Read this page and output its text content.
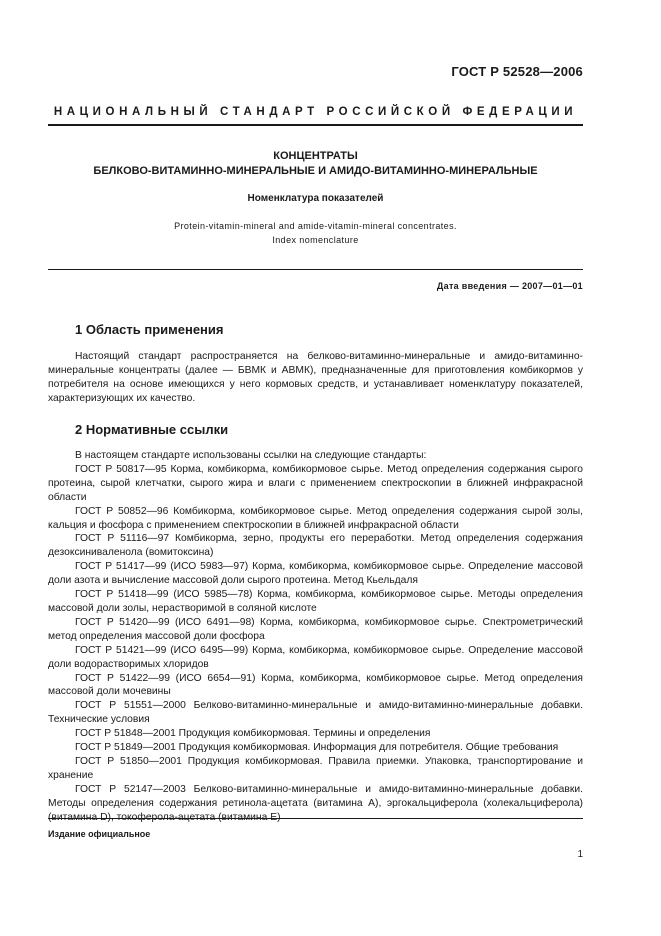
ГОСТ Р 52528—2006
НАЦИОНАЛЬНЫЙ СТАНДАРТ РОССИЙСКОЙ ФЕДЕРАЦИИ
КОНЦЕНТРАТЫ
БЕЛКОВО-ВИТАМИННО-МИНЕРАЛЬНЫЕ И АМИДО-ВИТАМИННО-МИНЕРАЛЬНЫЕ
Номенклатура показателей
Protein-vitamin-mineral and amide-vitamin-mineral concentrates.
Index nomenclature
Дата введения — 2007—01—01
1 Область применения

Настоящий стандарт распространяется на белково-витаминно-минеральные и амидо-витаминно-минеральные концентраты (далее — БВМК и АВМК), предназначенные для приготовления комбикормов у потребителя на основе имеющихся у него кормовых средств, и устанавливает номенклатуру показателей, характеризующих их качество.

2 Нормативные ссылки

В настоящем стандарте использованы ссылки на следующие стандарты:

ГОСТ Р 50817—95 Корма, комбикорма, комбикормовое сырье. Метод определения содержания сырого протеина, сырой клетчатки, сырого жира и влаги с применением спектроскопии в ближней инфракрасной области

ГОСТ Р 50852—96 Комбикорма, комбикормовое сырье. Метод определения содержания сырой золы, кальция и фосфора с применением спектроскопии в ближней инфракрасной области

ГОСТ Р 51116—97 Комбикорма, зерно, продукты его переработки. Метод определения содержания дезоксиниваленола (вомитоксина)

ГОСТ Р 51417—99 (ИСО 5983—97) Корма, комбикорма, комбикормовое сырье. Определение массовой доли азота и вычисление массовой доли сырого протеина. Метод Кьельдаля

ГОСТ Р 51418—99 (ИСО 5985—78) Корма, комбикорма, комбикормовое сырье. Методы определения массовой доли золы, нерастворимой в соляной кислоте

ГОСТ Р 51420—99 (ИСО 6491—98) Корма, комбикорма, комбикормовое сырье. Спектрометрический метод определения массовой доли фосфора

ГОСТ Р 51421—99 (ИСО 6495—99) Корма, комбикорма, комбикормовое сырье. Определение массовой доли водорастворимых хлоридов

ГОСТ Р 51422—99 (ИСО 6654—91) Корма, комбикорма, комбикормовое сырье. Метод определения массовой доли мочевины

ГОСТ Р 51551—2000 Белково-витаминно-минеральные и амидо-витаминно-минеральные добавки. Технические условия

ГОСТ Р 51848—2001 Продукция комбикормовая. Термины и определения

ГОСТ Р 51849—2001 Продукция комбикормовая. Информация для потребителя. Общие требования

ГОСТ Р 51850—2001 Продукция комбикормовая. Правила приемки. Упаковка, транспортирование и хранение

ГОСТ Р 52147—2003 Белково-витаминно-минеральные и амидо-витаминно-минеральные добавки. Методы определения содержания ретинола-ацетата (витамина А), эргокальциферола (холекальциферола)

Издание официальное
1
